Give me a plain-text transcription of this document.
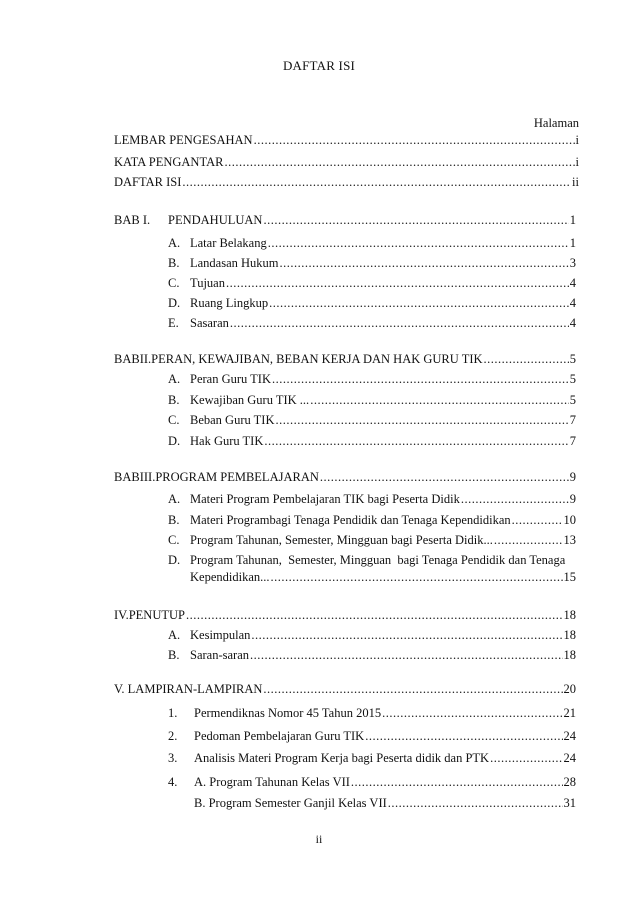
DAFTAR ISI
Halaman
LEMBAR PENGESAHAN .....	i
KATA PENGANTAR .....	i
DAFTAR ISI .....	ii
BAB I. PENDAHULUAN .....	1
A. Latar Belakang .....	1
B. Landasan Hukum .....	3
C. Tujuan .....	4
D. Ruang Lingkup .....	4
E. Sasaran .....	4
BABII.PERAN, KEWAJIBAN, BEBAN KERJA DAN HAK GURU TIK .....	5
A. Peran Guru TIK .....	5
B. Kewajiban Guru TIK ... .....	5
C. Beban Guru TIK .....	7
D. Hak Guru TIK .....	7
BABIII.PROGRAM PEMBELAJARAN .....	9
A. Materi Program Pembelajaran TIK bagi Peserta Didik .....	9
B. Materi Programbagi Tenaga Pendidik dan Tenaga Kependidikan .....	10
C. Program Tahunan, Semester, Mingguan bagi Peserta Didik... .....	13
D. Program Tahunan,  Semester, Mingguan  bagi Tenaga Pendidik dan Tenaga
Kependidikan... .....	15
IV.PENUTUP .....	18
A. Kesimpulan .....	18
B. Saran-saran .....	18
V. LAMPIRAN-LAMPIRAN .....	20
1. Permendiknas Nomor 45 Tahun 2015 .....	21
2. Pedoman Pembelajaran Guru TIK .....	24
3. Analisis Materi Program Kerja bagi Peserta didik dan PTK .....	24
4. A. Program Tahunan Kelas VII .....	28
B. Program Semester Ganjil Kelas VII .....	31
ii
